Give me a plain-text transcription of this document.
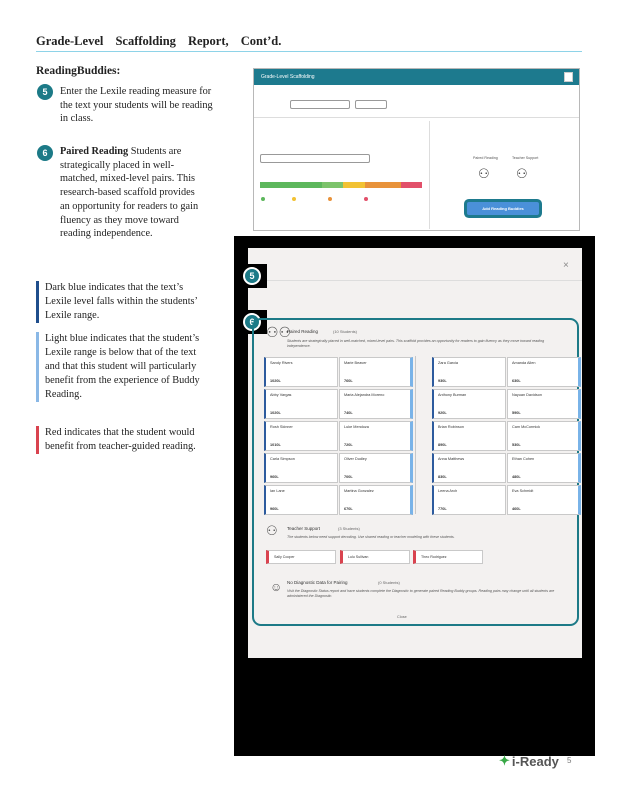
Grade-Level Scaffolding Report, Cont’d.
ReadingBuddies:
5	Enter the Lexile reading measure for the text your students will be reading in class.
6	Paired Reading Students are strategically placed in well-matched, mixed-level pairs. This research-based scaffold provides an opportunity for readers to gain fluency as they move toward reading independence.
Dark blue indicates that the text’s Lexile level falls within the students’ Lexile range.
Light blue indicates that the student’s Lexile range is below that of the text and that this student will particularly benefit from the experience of Buddy Reading.
Red indicates that the student would benefit from teacher-guided reading.
Grade-Level Scaffolding
Paired Reading	Teacher Support
⚇ ⚇
Add Reading Buddies
×
5
6
⚇⚇
Paired Reading	(10 Students)
Students are strategically placed in well-matched, mixed-level pairs. This scaffold provides an opportunity for readers to gain fluency as they move toward reading independence.
Sandy Rivers
1020L
Marie Beaver
760L
Zara Garcia
930L
Amanda Allen
630L
Abby Vargas
1020L
Maria Alejandra Moreno
740L
Anthony Burman
920L
Nayuan Davidson
590L
Rosh Skinner
1010L
Luke Mendoza
720L
Brian Robinson
890L
Cam McCormick
530L
Carla Simpson
960L
Oliver Dudley
700L
Anna Matthews
830L
Ethan Cohen
480L
Ian Lane
960L
Martina Gonzalez
670L
Leena Arch
770L
Eva Schmidt
460L
⚇ Teacher Support	(3 Students)
The students below need support decoding. Use shared reading or teacher modeling with these students.
Sally Cooper	Lulu Sullivan	Theo Rodriguez
☺ No Diagnostic Data for Pairing	(0 Students)
Visit the Diagnostic Status report and have students complete the Diagnostic to generate paired Reading Buddy groups. Reading pairs may change until all students are administered the Diagnostic.
Close
✦ i-Ready 5
